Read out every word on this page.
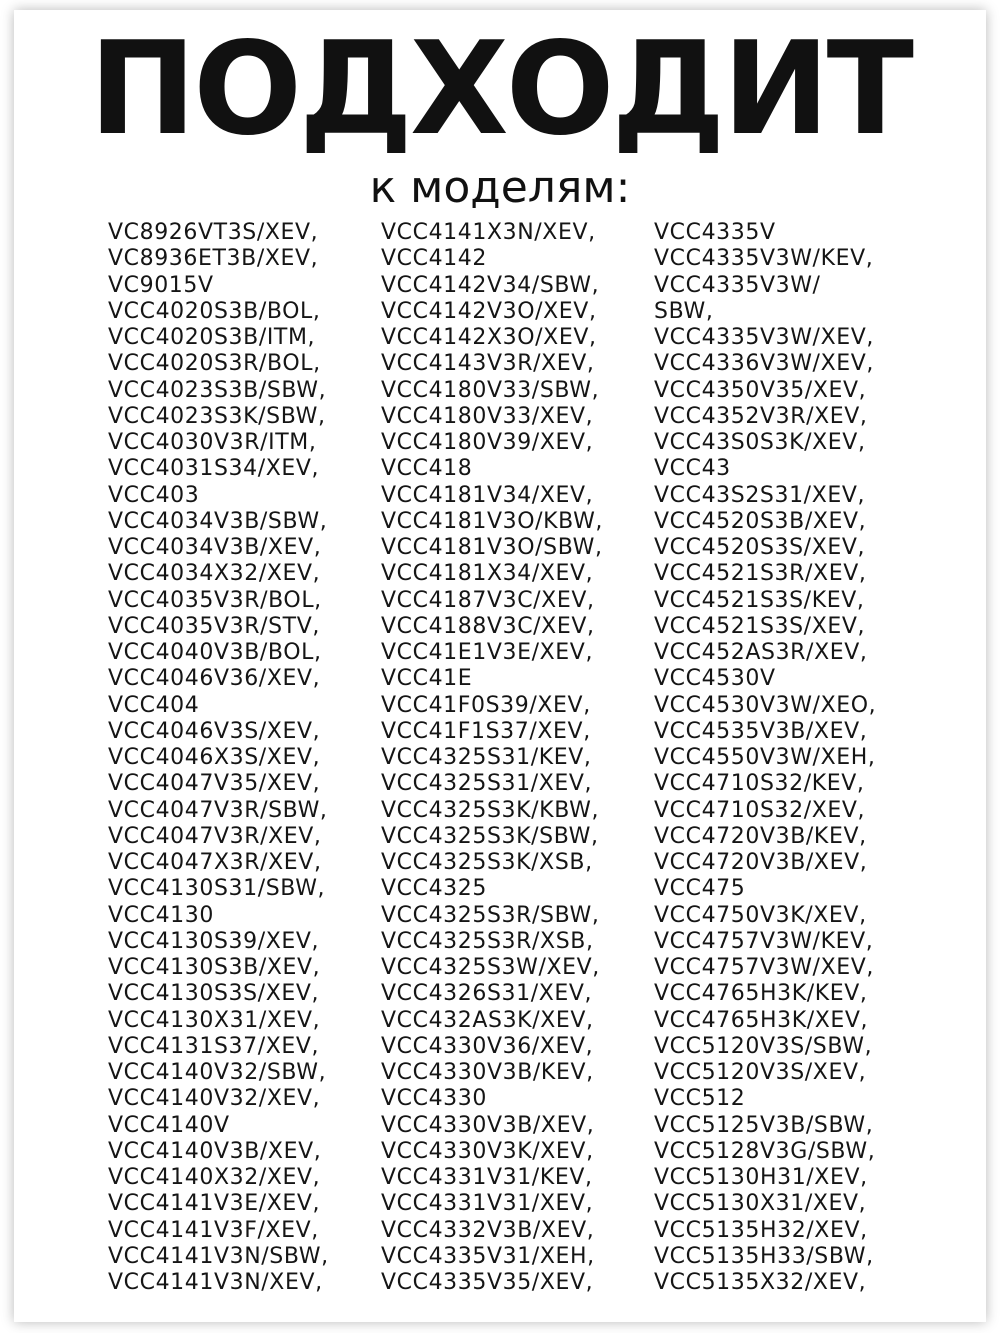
ПОДХОДИТ

к моделям:

VC8926VT3S/XEV,
VC8936ET3B/XEV,
VC9015V
VCC4020S3B/BOL,
VCC4020S3B/ITM,
VCC4020S3R/BOL,
VCC4023S3B/SBW,
VCC4023S3K/SBW,
VCC4030V3R/ITM,
VCC4031S34/XEV,
VCC403
VCC4034V3B/SBW,
VCC4034V3B/XEV,
VCC4034X32/XEV,
VCC4035V3R/BOL,
VCC4035V3R/STV,
VCC4040V3B/BOL,
VCC4046V36/XEV,
VCC404
VCC4046V3S/XEV,
VCC4046X3S/XEV,
VCC4047V35/XEV,
VCC4047V3R/SBW,
VCC4047V3R/XEV,
VCC4047X3R/XEV,
VCC4130S31/SBW,
VCC4130
VCC4130S39/XEV,
VCC4130S3B/XEV,
VCC4130S3S/XEV,
VCC4130X31/XEV,
VCC4131S37/XEV,
VCC4140V32/SBW,
VCC4140V32/XEV,
VCC4140V
VCC4140V3B/XEV,
VCC4140X32/XEV,
VCC4141V3E/XEV,
VCC4141V3F/XEV,
VCC4141V3N/SBW,
VCC4141V3N/XEV,
VCC4141X3N/XEV,
VCC4142
VCC4142V34/SBW,
VCC4142V3O/XEV,
VCC4142X3O/XEV,
VCC4143V3R/XEV,
VCC4180V33/SBW,
VCC4180V33/XEV,
VCC4180V39/XEV,
VCC418
VCC4181V34/XEV,
VCC4181V3O/KBW,
VCC4181V3O/SBW,
VCC4181X34/XEV,
VCC4187V3C/XEV,
VCC4188V3C/XEV,
VCC41E1V3E/XEV,
VCC41E
VCC41F0S39/XEV,
VCC41F1S37/XEV,
VCC4325S31/KEV,
VCC4325S31/XEV,
VCC4325S3K/KBW,
VCC4325S3K/SBW,
VCC4325S3K/XSB,
VCC4325
VCC4325S3R/SBW,
VCC4325S3R/XSB,
VCC4325S3W/XEV,
VCC4326S31/XEV,
VCC432AS3K/XEV,
VCC4330V36/XEV,
VCC4330V3B/KEV,
VCC4330
VCC4330V3B/XEV,
VCC4330V3K/XEV,
VCC4331V31/KEV,
VCC4331V31/XEV,
VCC4332V3B/XEV,
VCC4335V31/XEH,
VCC4335V35/XEV,
VCC4335V
VCC4335V3W/KEV,
VCC4335V3W/
SBW,
VCC4335V3W/XEV,
VCC4336V3W/XEV,
VCC4350V35/XEV,
VCC4352V3R/XEV,
VCC43S0S3K/XEV,
VCC43
VCC43S2S31/XEV,
VCC4520S3B/XEV,
VCC4520S3S/XEV,
VCC4521S3R/XEV,
VCC4521S3S/KEV,
VCC4521S3S/XEV,
VCC452AS3R/XEV,
VCC4530V
VCC4530V3W/XEO,
VCC4535V3B/XEV,
VCC4550V3W/XEH,
VCC4710S32/KEV,
VCC4710S32/XEV,
VCC4720V3B/KEV,
VCC4720V3B/XEV,
VCC475
VCC4750V3K/XEV,
VCC4757V3W/KEV,
VCC4757V3W/XEV,
VCC4765H3K/KEV,
VCC4765H3K/XEV,
VCC5120V3S/SBW,
VCC5120V3S/XEV,
VCC512
VCC5125V3B/SBW,
VCC5128V3G/SBW,
VCC5130H31/XEV,
VCC5130X31/XEV,
VCC5135H32/XEV,
VCC5135H33/SBW,
VCC5135X32/XEV,
